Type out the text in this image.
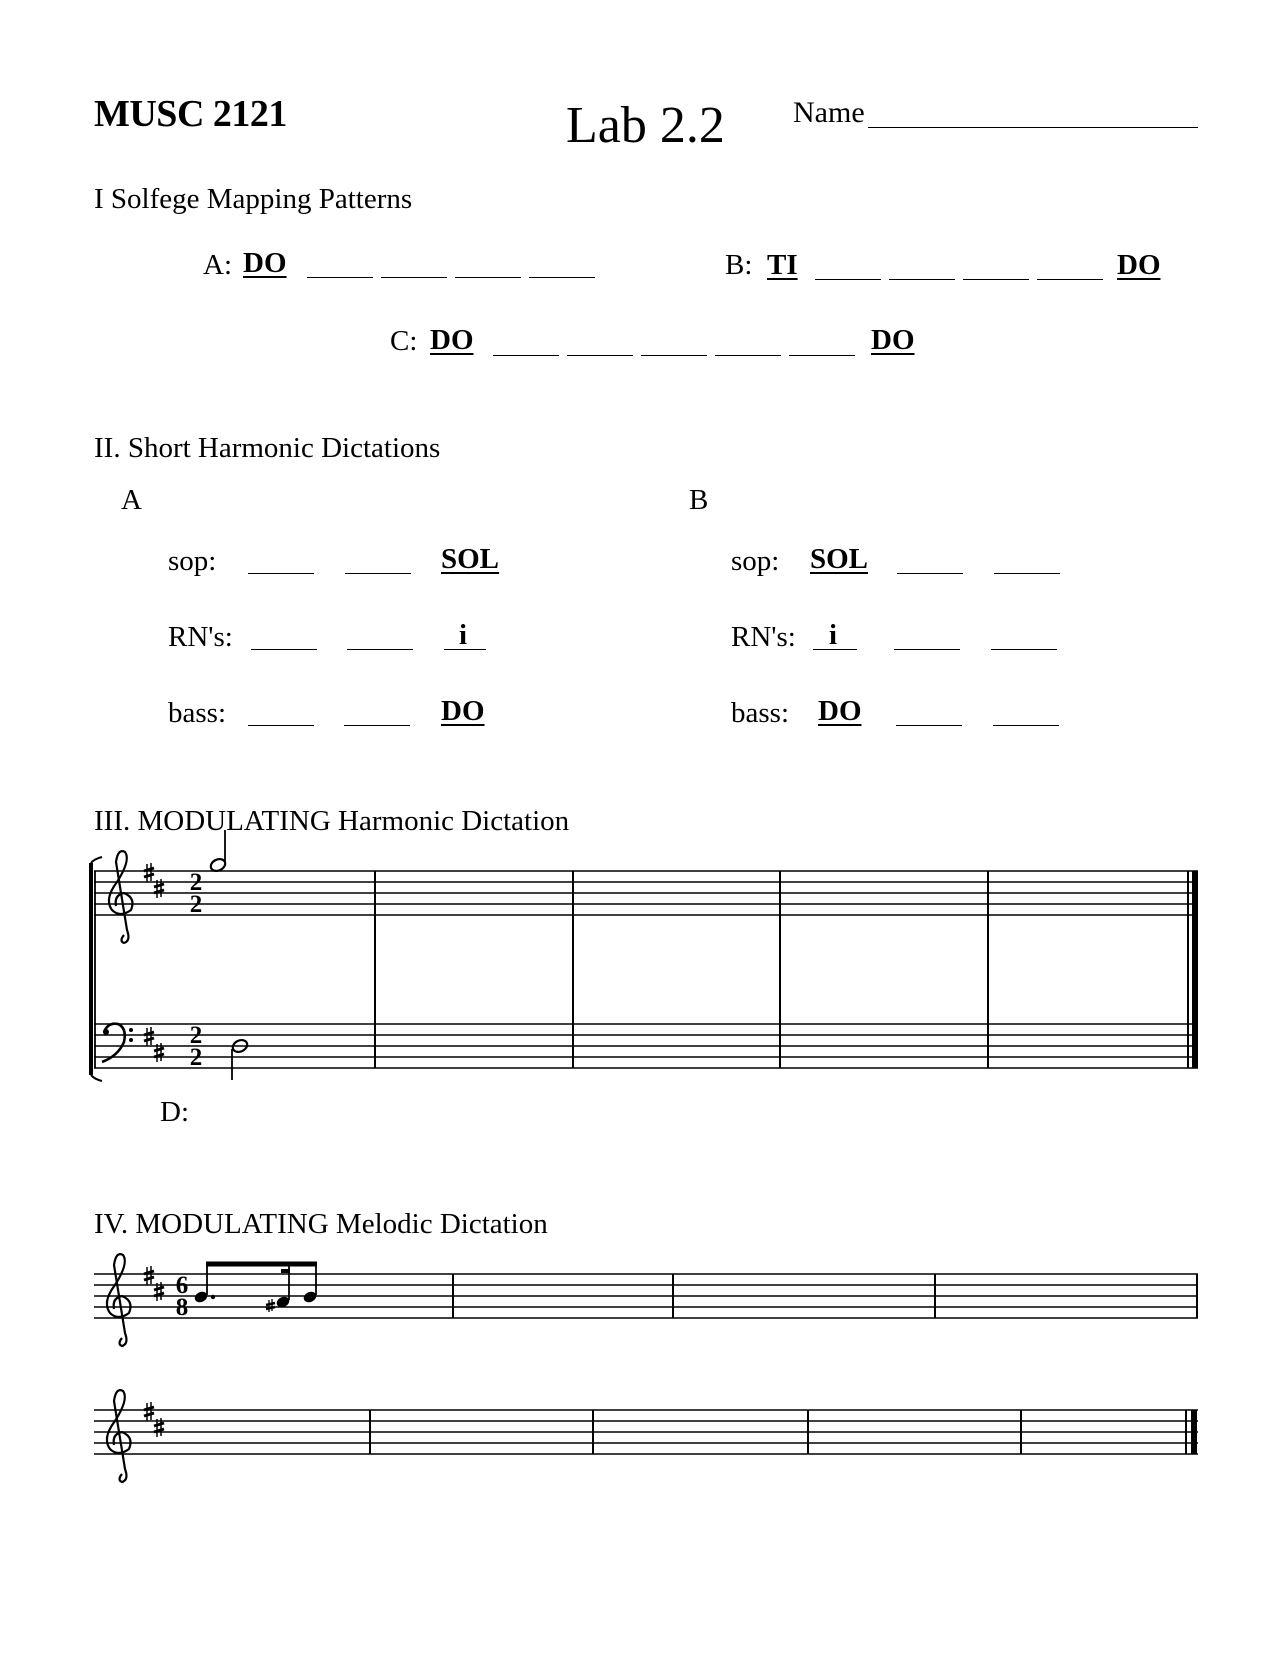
MUSC 2121	Lab 2.2 Name
I Solfege Mapping Patterns
A: DO	B: TI	DO
C: DO	DO
II. Short Harmonic Dictations
A	B
sop:	SOL
RN's:	i
bass:	DO
sop: SOL
RN's: i
bass: DO
III. MODULATING Harmonic Dictation
D:
IV. MODULATING Melodic Dictation
2
2
2
2
6
8
